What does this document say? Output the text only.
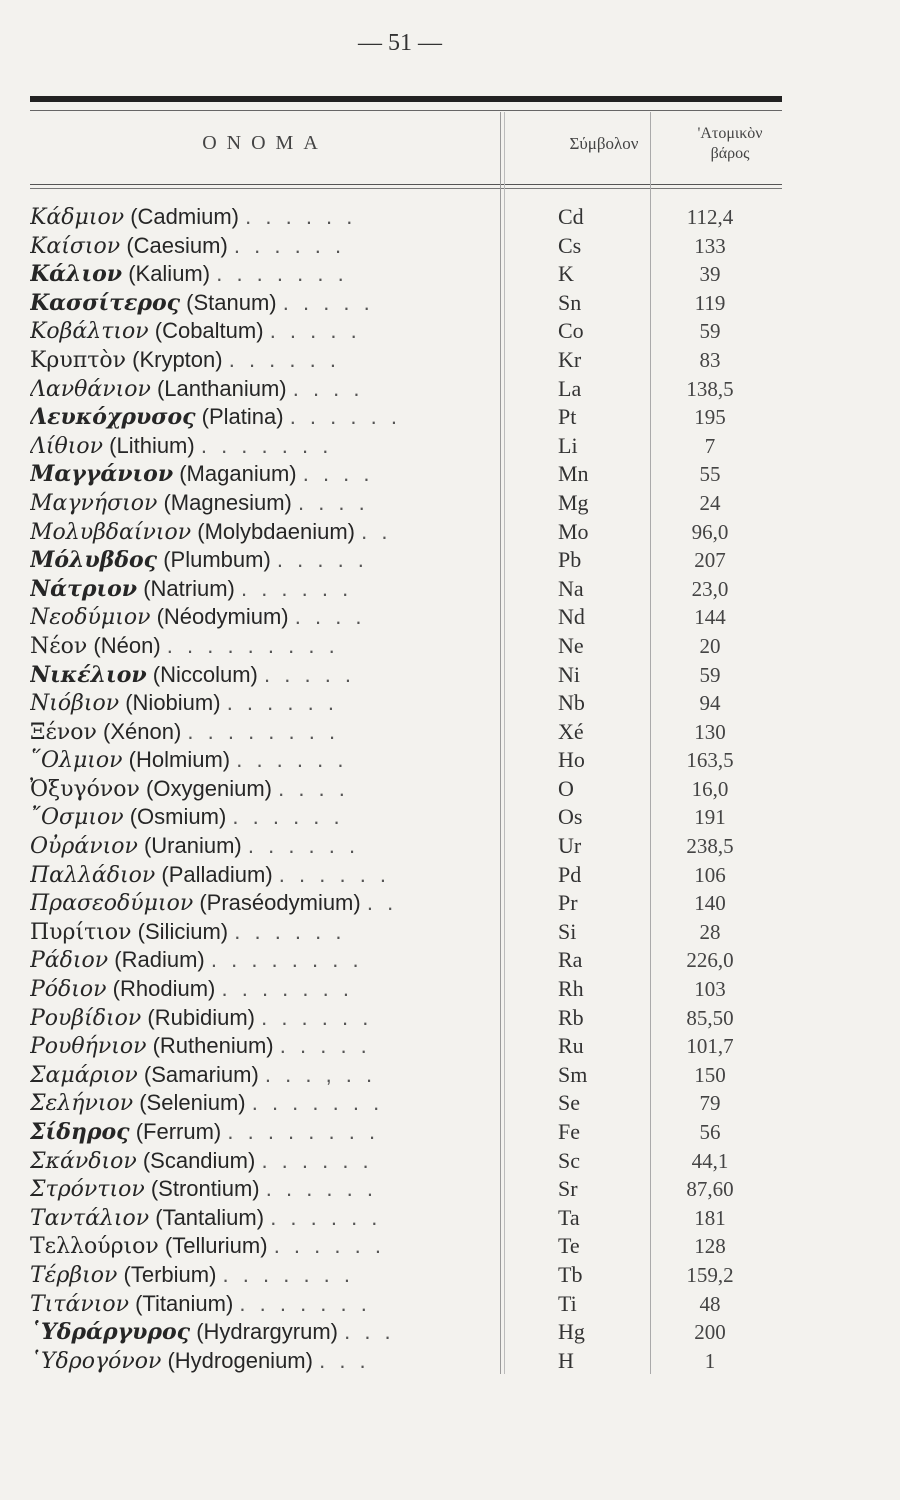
— 51 —
ΟΝΟΜΑ	Σύμβολον
'Ατομικὸν
βάρος
Κάδμιον (Cadmium) . . . . . .	Cd	112,4
Καίσιον (Caesium) . . . . . .	Cs	133
Κάλιον (Kalium) . . . . . . .	K	39
Κασσίτερος (Stanum) . . . . .	Sn	119
Κοβάλτιον (Cobaltum) . . . . .	Co	59
Κρυπτὸν (Krypton) . . . . . .	Kr	83
Λανθάνιον (Lanthanium) . . . .	La	138,5
Λευκόχρυσος (Platina) . . . . . .	Pt	195
Λίθιον (Lithium) . . . . . . .	Li	7
Μαγγάνιον (Maganium) . . . .	Mn	55
Μαγνήσιον (Magnesium) . . . .	Mg	24
Μολυβδαίνιον (Molybdaenium) . .	Mo	96,0
Μόλυβδος (Plumbum) . . . . .	Pb	207
Νάτριον (Natrium) . . . . . .	Na	23,0
Νεοδύμιον (Néodymium) . . . .	Nd	144
Νέον (Néon) . . . . . . . . .	Ne	20
Νικέλιον (Niccolum) . . . . .	Ni	59
Νιόβιον (Niobium) . . . . . .	Nb	94
Ξένον (Xénon) . . . . . . . .	Xé	130
῞Ολμιον (Holmium) . . . . . .	Ho	163,5
Ὀξυγόνον (Oxygenium) . . . .	O	16,0
῎Οσμιον (Osmium) . . . . . .	Os	191
Οὐράνιον (Uranium) . . . . . .	Ur	238,5
Παλλάδιον (Palladium) . . . . . .	Pd	106
Πρασεοδύμιον (Praséodymium) . .	Pr	140
Πυρίτιον (Silicium) . . . . . .	Si	28
Ράδιον (Radium) . . . . . . . .	Ra	226,0
Ρόδιον (Rhodium) . . . . . . .	Rh	103
Ρουβίδιον (Rubidium) . . . . . .	Rb	85,50
Ρουθήνιον (Ruthenium) . . . . .	Ru	101,7
Σαμάριον (Samarium) . . . , . .	Sm	150
Σελήνιον (Selenium) . . . . . . .	Se	79
Σίδηρος (Ferrum) . . . . . . . .	Fe	56
Σκάνδιον (Scandium) . . . . . .	Sc	44,1
Στρόντιον (Strontium) . . . . . .	Sr	87,60
Ταντάλιον (Tantalium) . . . . . .	Ta	181
Τελλούριον (Tellurium) . . . . . .	Te	128
Τέρβιον (Terbium) . . . . . . .	Tb	159,2
Τιτάνιον (Titanium) . . . . . . .	Ti	48
῾Υδράργυρος (Hydrargyrum) . . .	Hg	200
῾Υδρογόνον (Hydrogenium) . . .	H	1
